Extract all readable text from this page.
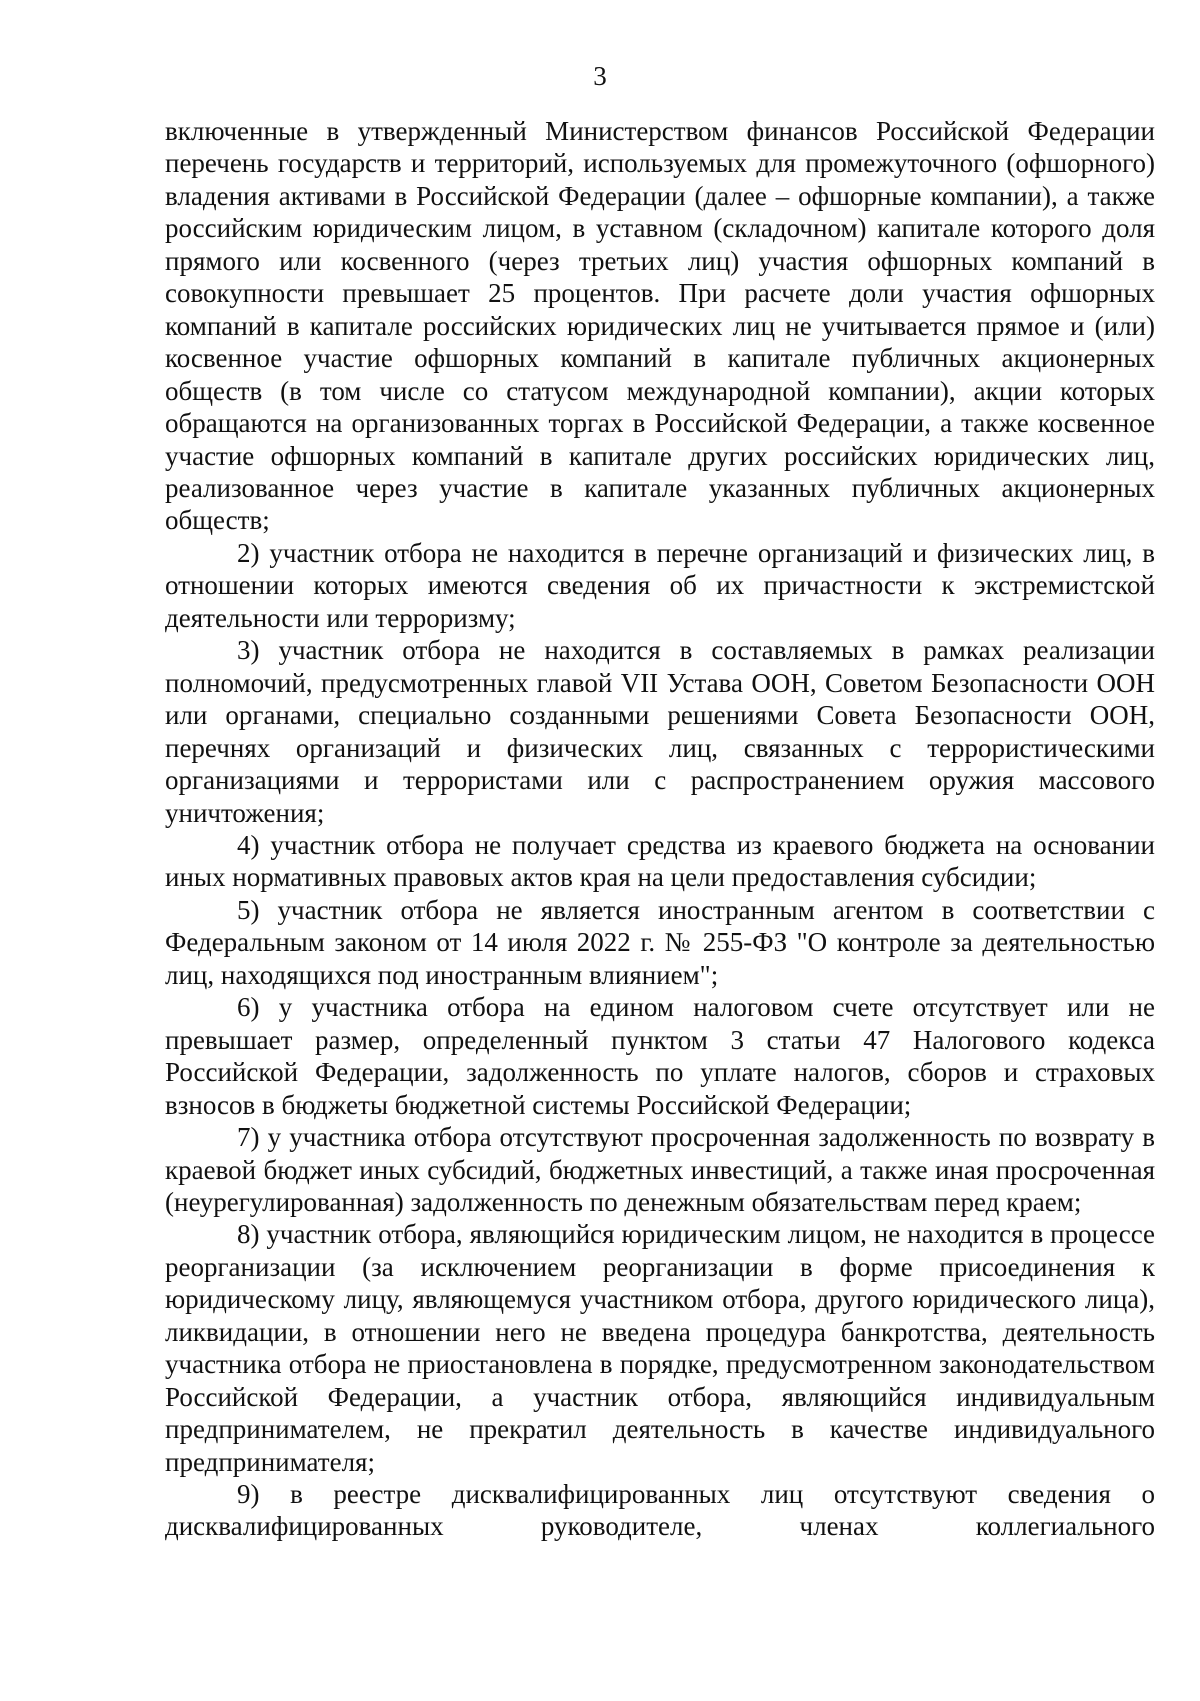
3

включенные в утвержденный Министерством финансов Российской Федерации перечень государств и территорий, используемых для промежуточного (офшорного) владения активами в Российской Федерации (далее – офшорные компании), а также российским юридическим лицом, в уставном (складочном) капитале которого доля прямого или косвенного (через третьих лиц) участия офшорных компаний в совокупности превышает 25 процентов. При расчете доли участия офшорных компаний в капитале российских юридических лиц не учитывается прямое и (или) косвенное участие офшорных компаний в капитале публичных акционерных обществ (в том числе со статусом международной компании), акции которых обращаются на организованных торгах в Российской Федерации, а также косвенное участие офшорных компаний в капитале других российских юридических лиц, реализованное через участие в капитале указанных публичных акционерных обществ;

2) участник отбора не находится в перечне организаций и физических лиц, в отношении которых имеются сведения об их причастности к экстремистской деятельности или терроризму;

3) участник отбора не находится в составляемых в рамках реализации полномочий, предусмотренных главой VII Устава ООН, Советом Безопасности ООН или органами, специально созданными решениями Совета Безопасности ООН, перечнях организаций и физических лиц, связанных с террористическими организациями и террористами или с распространением оружия массового уничтожения;

4) участник отбора не получает средства из краевого бюджета на основании иных нормативных правовых актов края на цели предоставления субсидии;

5) участник отбора не является иностранным агентом в соответствии с Федеральным законом от 14 июля 2022 г. № 255-ФЗ "О контроле за деятельностью лиц, находящихся под иностранным влиянием";

6) у участника отбора на едином налоговом счете отсутствует или не превышает размер, определенный пунктом 3 статьи 47 Налогового кодекса Российской Федерации, задолженность по уплате налогов, сборов и страховых взносов в бюджеты бюджетной системы Российской Федерации;

7) у участника отбора отсутствуют просроченная задолженность по возврату в краевой бюджет иных субсидий, бюджетных инвестиций, а также иная просроченная (неурегулированная) задолженность по денежным обязательствам перед краем;

8) участник отбора, являющийся юридическим лицом, не находится в процессе реорганизации (за исключением реорганизации в форме присоединения к юридическому лицу, являющемуся участником отбора, другого юридического лица), ликвидации, в отношении него не введена процедура банкротства, деятельность участника отбора не приостановлена в порядке, предусмотренном законодательством Российской Федерации, а участник отбора, являющийся индивидуальным предпринимателем, не прекратил деятельность в качестве индивидуального предпринимателя;

9) в реестре дисквалифицированных лиц отсутствуют сведения о дисквалифицированных руководителе, членах коллегиального
